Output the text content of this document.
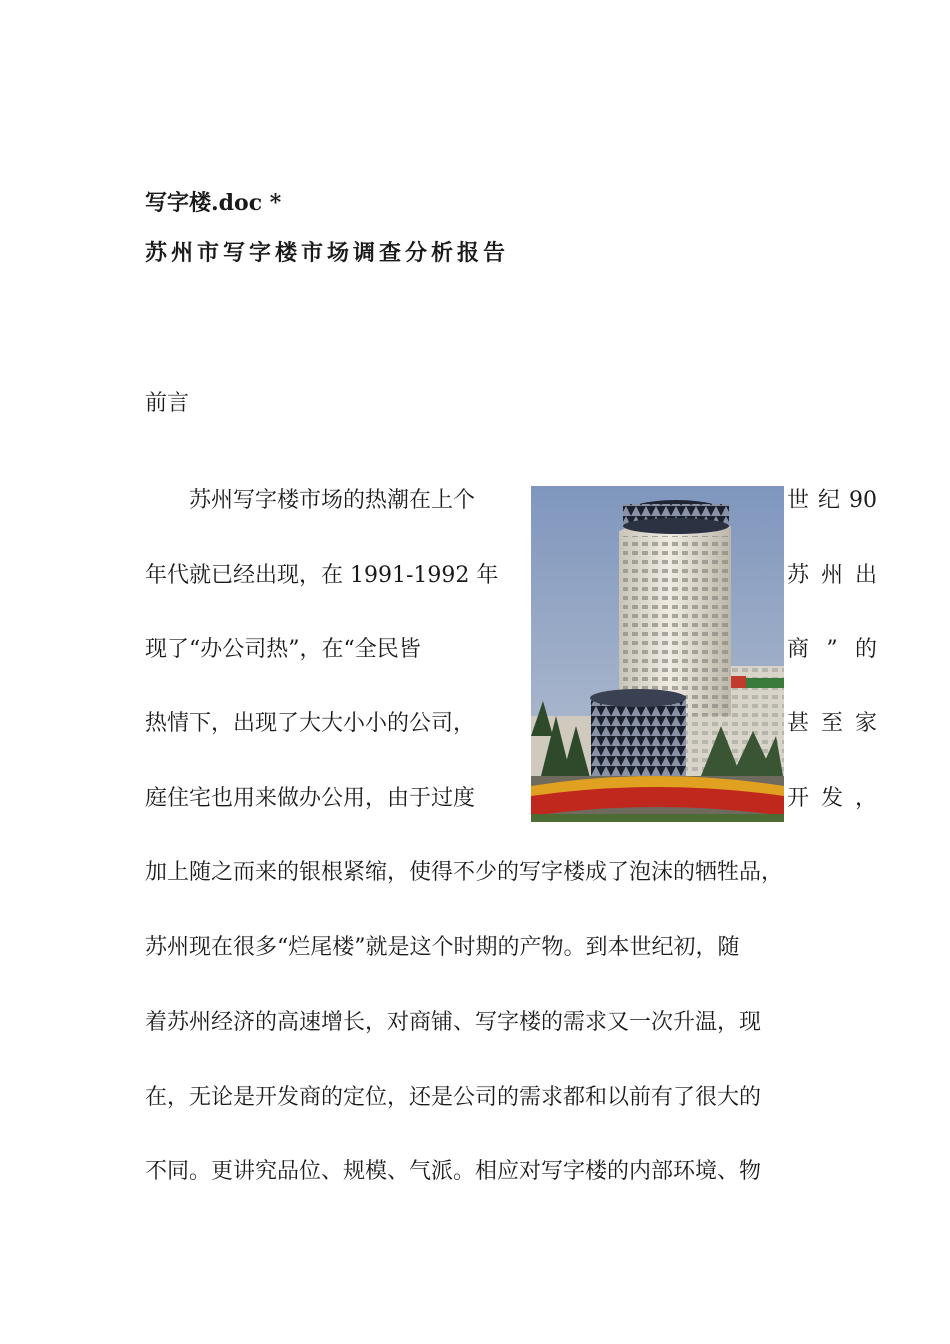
写字楼.doc *
苏州市写字楼市场调查分析报告
前言
　　苏州写字楼市场的热潮在上个	世 纪 90
年代就已经出现，在 1991-1992 年	苏 州 出
现了“办公司热”，在“全民皆	商 ” 的
热情下，出现了大大小小的公司，	甚 至 家
庭住宅也用来做办公用，由于过度	开 发 ，
加上随之而来的银根紧缩，使得不少的写字楼成了泡沫的牺牲品，
苏州现在很多“烂尾楼”就是这个时期的产物。到本世纪初，随
着苏州经济的高速增长，对商铺、写字楼的需求又一次升温，现
在，无论是开发商的定位，还是公司的需求都和以前有了很大的
不同。更讲究品位、规模、气派。相应对写字楼的内部环境、物
